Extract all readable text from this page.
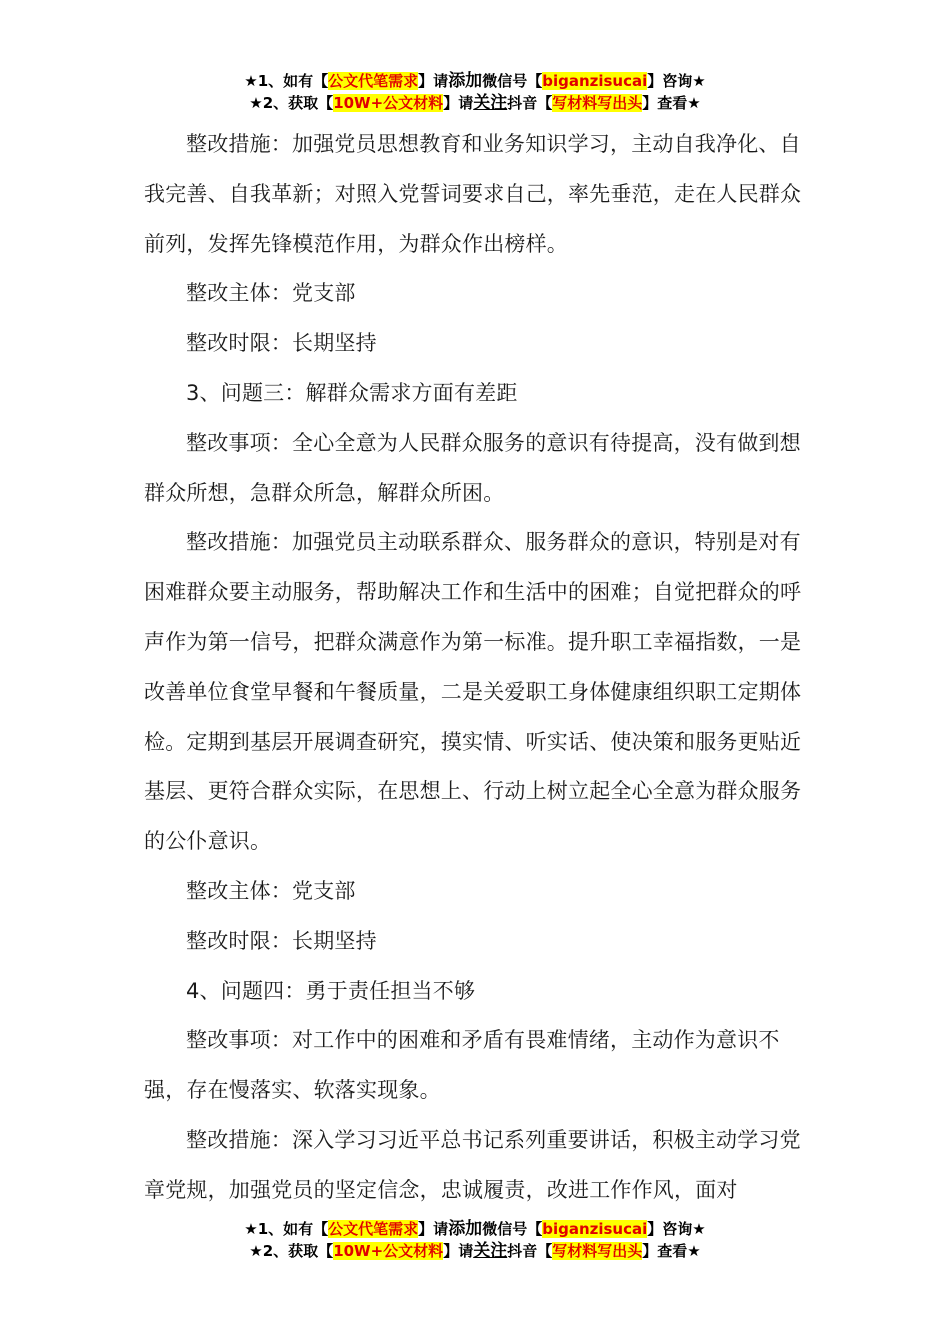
★1、如有【公文代笔需求】请添加微信号【biganzisucai】咨询★
★2、获取【10W+公文材料】请关注抖音【写材料写出头】查看★

整改措施：加强党员思想教育和业务知识学习，主动自我净化、自我完善、自我革新；对照入党誓词要求自己，率先垂范，走在人民群众前列，发挥先锋模范作用，为群众作出榜样。

整改主体：党支部

整改时限：长期坚持

3、问题三：解群众需求方面有差距

整改事项：全心全意为人民群众服务的意识有待提高，没有做到想群众所想，急群众所急，解群众所困。

整改措施：加强党员主动联系群众、服务群众的意识，特别是对有困难群众要主动服务，帮助解决工作和生活中的困难；自觉把群众的呼声作为第一信号，把群众满意作为第一标准。提升职工幸福指数，一是改善单位食堂早餐和午餐质量，二是关爱职工身体健康组织职工定期体检。定期到基层开展调查研究，摸实情、听实话、使决策和服务更贴近基层、更符合群众实际，在思想上、行动上树立起全心全意为群众服务的公仆意识。

整改主体：党支部

整改时限：长期坚持

4、问题四：勇于责任担当不够

整改事项：对工作中的困难和矛盾有畏难情绪，主动作为意识不强，存在慢落实、软落实现象。

整改措施：深入学习习近平总书记系列重要讲话，积极主动学习党章党规，加强党员的坚定信念，忠诚履责，改进工作作风，面对

★1、如有【公文代笔需求】请添加微信号【biganzisucai】咨询★
★2、获取【10W+公文材料】请关注抖音【写材料写出头】查看★
